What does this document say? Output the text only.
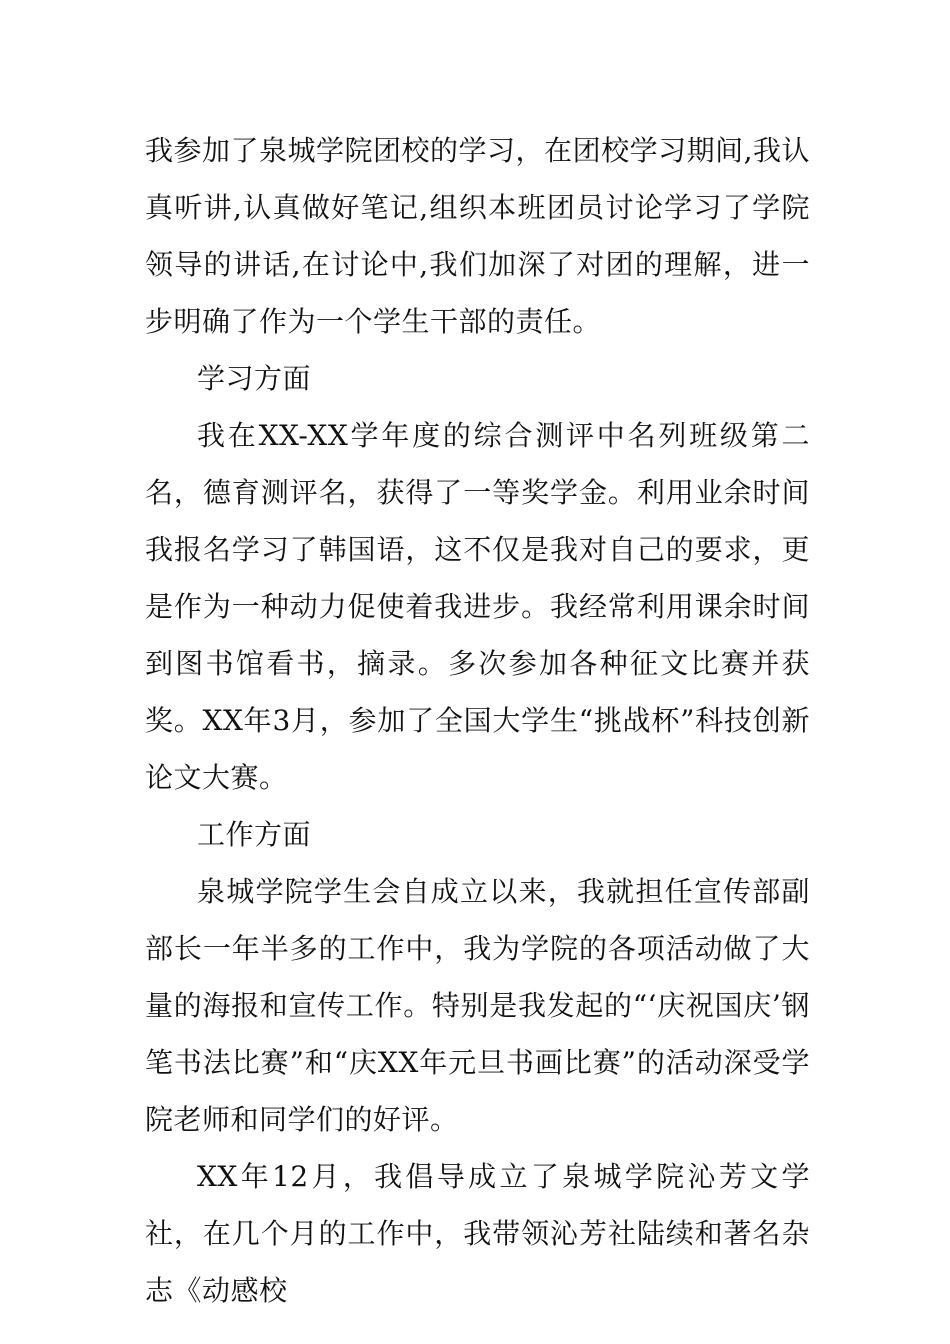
我参加了泉城学院团校的学习，在团校学习期间,我认真听讲,认真做好笔记,组织本班团员讨论学习了学院领导的讲话,在讨论中,我们加深了对团的理解，进一步明确了作为一个学生干部的责任。

学习方面

我在XX-XX学年度的综合测评中名列班级第二名，德育测评名，获得了一等奖学金。利用业余时间我报名学习了韩国语，这不仅是我对自己的要求，更是作为一种动力促使着我进步。我经常利用课余时间到图书馆看书，摘录。多次参加各种征文比赛并获奖。XX年3月，参加了全国大学生“挑战杯”科技创新论文大赛。

工作方面

泉城学院学生会自成立以来，我就担任宣传部副部长一年半多的工作中，我为学院的各项活动做了大量的海报和宣传工作。特别是我发起的“‘庆祝国庆’钢笔书法比赛”和“庆XX年元旦书画比赛”的活动深受学院老师和同学们的好评。

XX年12月，我倡导成立了泉城学院沁芳文学社，在几个月的工作中，我带领沁芳社陆续和著名杂志《动感校
